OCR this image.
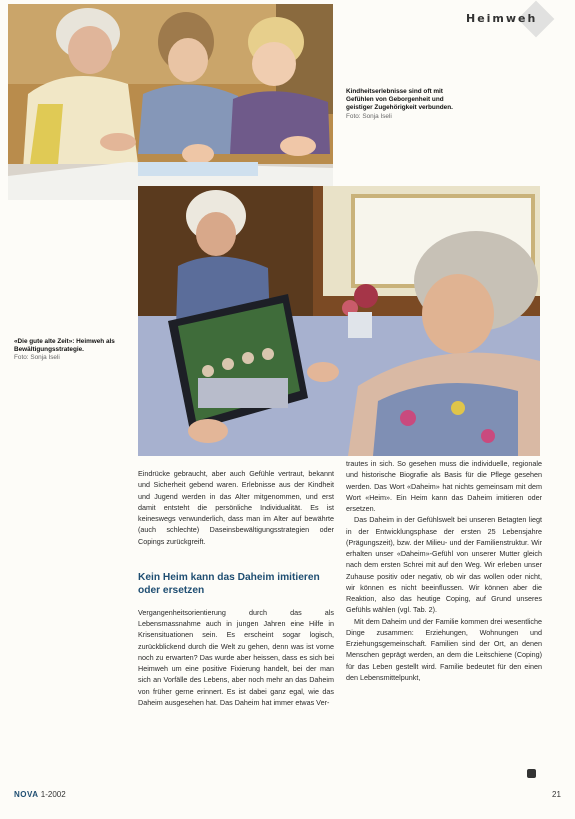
Kindheitserlebnisse sind oft mit Gefühlen von Geborgenheit und geistiger Zugehörigkeit verbunden.
Foto: Sonja Iseli
Heimweh
«Die gute alte Zeit»: Heimweh als Bewältigungsstrategie.
Foto: Sonja Iseli

Eindrücke gebraucht, aber auch Gefühle vertraut, bekannt und Sicherheit gebend waren. Erlebnisse aus der Kindheit und Jugend werden in das Alter mitgenommen, und erst damit entsteht die persönliche Individualität. Es ist keineswegs verwunderlich, dass man im Alter auf bewährte (auch schlechte) Daseinsbewältigungsstrategien oder Copings zurückgreift.

Kein Heim kann das Daheim imitieren oder ersetzen

Vergangenheitsorientierung durch das als Lebensmassnahme auch in jungen Jahren eine Hilfe in Krisensituationen sein. Es erscheint sogar logisch, zurückblickend durch die Welt zu gehen, denn was ist vorne noch zu erwarten? Das wurde aber heissen, dass es sich bei Heimweh um eine positive Fixierung handelt, bei der man sich an Vorfälle des Lebens, aber noch mehr an das Daheim von früher gerne erinnert. Es ist dabei ganz egal, wie das Daheim ausgesehen hat. Das Daheim hat immer etwas Ver-

trautes in sich. So gesehen muss die individuelle, regionale und historische Biografie als Basis für die Pflege gesehen werden. Das Wort «Daheim» hat nichts gemeinsam mit dem Wort «Heim». Ein Heim kann das Daheim imitieren oder ersetzen.

Das Daheim in der Gefühlswelt bei unseren Betagten liegt in der Entwicklungsphase der ersten 25 Lebensjahre (Prägungszeit), bzw. der Milieu- und der Familienstruktur. Wir erhalten unser «Daheim»-Gefühl von unserer Mutter gleich nach dem ersten Schrei mit auf den Weg. Wir erleben unser Zuhause positiv oder negativ, ob wir das wollen oder nicht, wir können es nicht beeinflussen. Wir können aber die Reaktion, also das heutige Coping, auf Grund unseres Gefühls wählen (vgl. Tab. 2).

Mit dem Daheim und der Familie kommen drei wesentliche Dinge zusammen: Erziehungen, Wohnungen und Erziehungsgemeinschaft. Familien sind der Ort, an denen Menschen geprägt werden, an dem die Leitschiene (Coping) für das Leben gestellt wird. Familie bedeutet für den einen den Lebensmittelpunkt,

NOVA 1-2002	21
